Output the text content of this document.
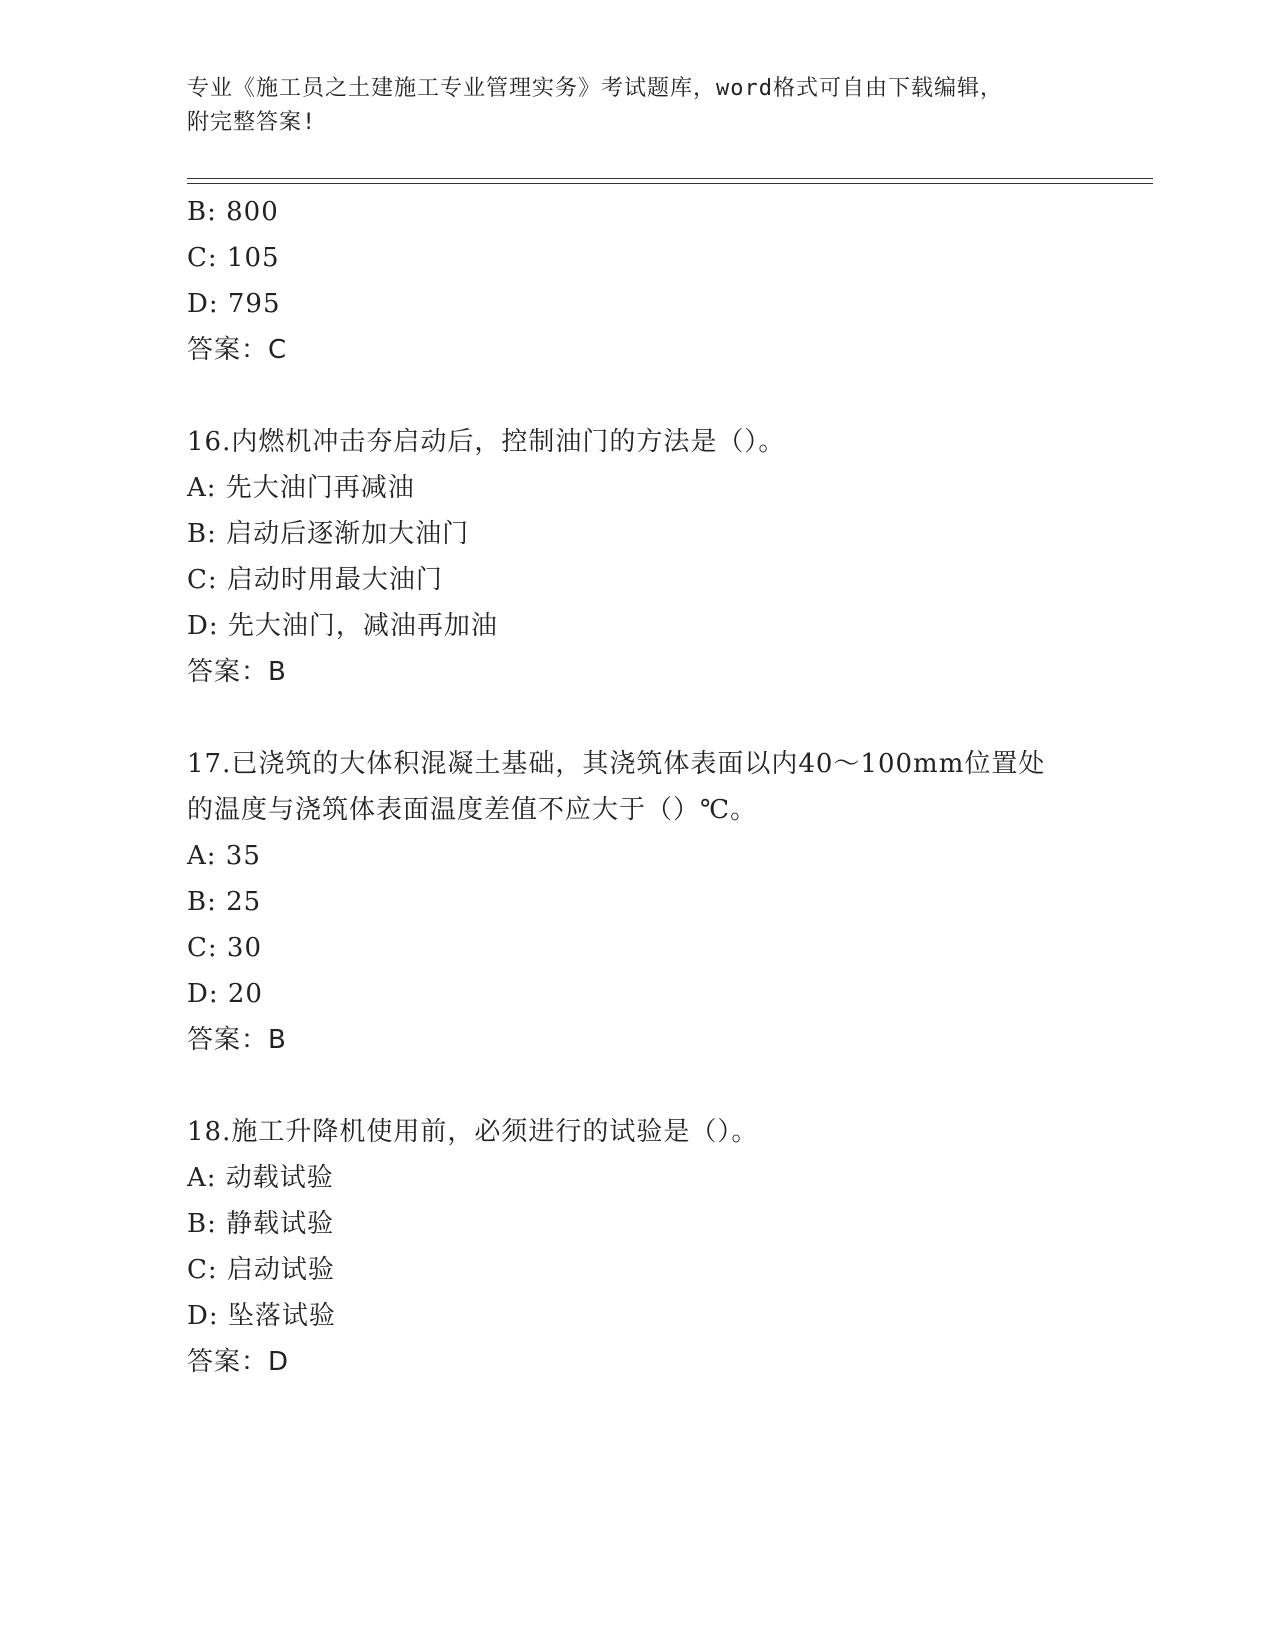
专业《施工员之土建施工专业管理实务》考试题库，word格式可自由下载编辑，
附完整答案!
B: 800
C: 105
D: 795
答案：C
16.内燃机冲击夯启动后，控制油门的方法是（）。
A: 先大油门再减油
B: 启动后逐渐加大油门
C: 启动时用最大油门
D: 先大油门，减油再加油
答案：B
17.已浇筑的大体积混凝土基础，其浇筑体表面以内40～100mm位置处
的温度与浇筑体表面温度差值不应大于（）℃。
A: 35
B: 25
C: 30
D: 20
答案：B
18.施工升降机使用前，必须进行的试验是（）。
A: 动载试验
B: 静载试验
C: 启动试验
D: 坠落试验
答案：D
